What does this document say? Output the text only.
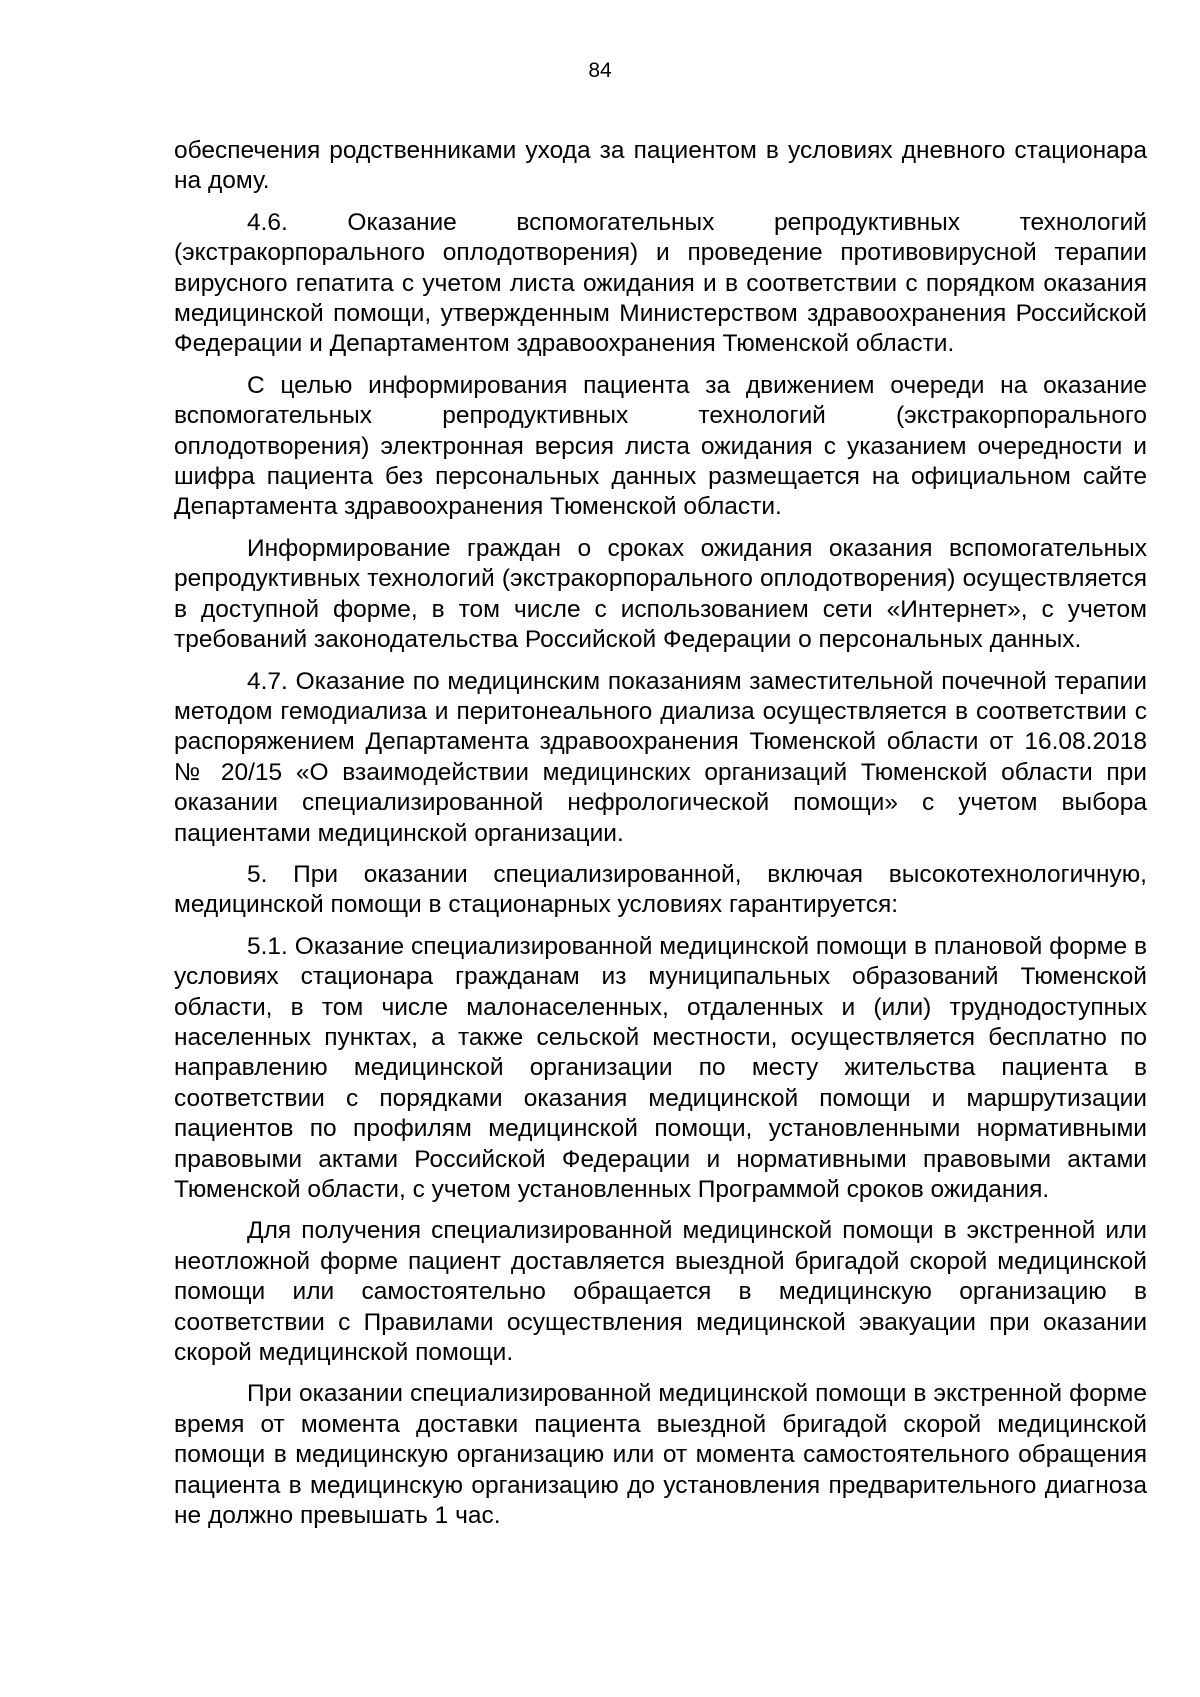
84

обеспечения родственниками ухода за пациентом в условиях дневного стационара на дому.

4.6. Оказание вспомогательных репродуктивных технологий (экстракорпорального оплодотворения) и проведение противовирусной терапии вирусного гепатита с учетом листа ожидания и в соответствии с порядком оказания медицинской помощи, утвержденным Министерством здравоохранения Российской Федерации и Департаментом здравоохранения Тюменской области.

С целью информирования пациента за движением очереди на оказание вспомогательных репродуктивных технологий (экстракорпорального оплодотворения) электронная версия листа ожидания с указанием очередности и шифра пациента без персональных данных размещается на официальном сайте Департамента здравоохранения Тюменской области.

Информирование граждан о сроках ожидания оказания вспомогательных репродуктивных технологий (экстракорпорального оплодотворения) осуществляется в доступной форме, в том числе с использованием сети «Интернет», с учетом требований законодательства Российской Федерации о персональных данных.

4.7. Оказание по медицинским показаниям заместительной почечной терапии методом гемодиализа и перитонеального диализа осуществляется в соответствии с распоряжением Департамента здравоохранения Тюменской области от 16.08.2018 № 20/15 «О взаимодействии медицинских организаций Тюменской области при оказании специализированной нефрологической помощи» с учетом выбора пациентами медицинской организации.

5. При оказании специализированной, включая высокотехнологичную, медицинской помощи в стационарных условиях гарантируется:

5.1. Оказание специализированной медицинской помощи в плановой форме в условиях стационара гражданам из муниципальных образований Тюменской области, в том числе малонаселенных, отдаленных и (или) труднодоступных населенных пунктах, а также сельской местности, осуществляется бесплатно по направлению медицинской организации по месту жительства пациента в соответствии с порядками оказания медицинской помощи и маршрутизации пациентов по профилям медицинской помощи, установленными нормативными правовыми актами Российской Федерации и нормативными правовыми актами Тюменской области, с учетом установленных Программой сроков ожидания.

Для получения специализированной медицинской помощи в экстренной или неотложной форме пациент доставляется выездной бригадой скорой медицинской помощи или самостоятельно обращается в медицинскую организацию в соответствии с Правилами осуществления медицинской эвакуации при оказании скорой медицинской помощи.

При оказании специализированной медицинской помощи в экстренной форме время от момента доставки пациента выездной бригадой скорой медицинской помощи в медицинскую организацию или от момента самостоятельного обращения пациента в медицинскую организацию до установления предварительного диагноза не должно превышать 1 час.
